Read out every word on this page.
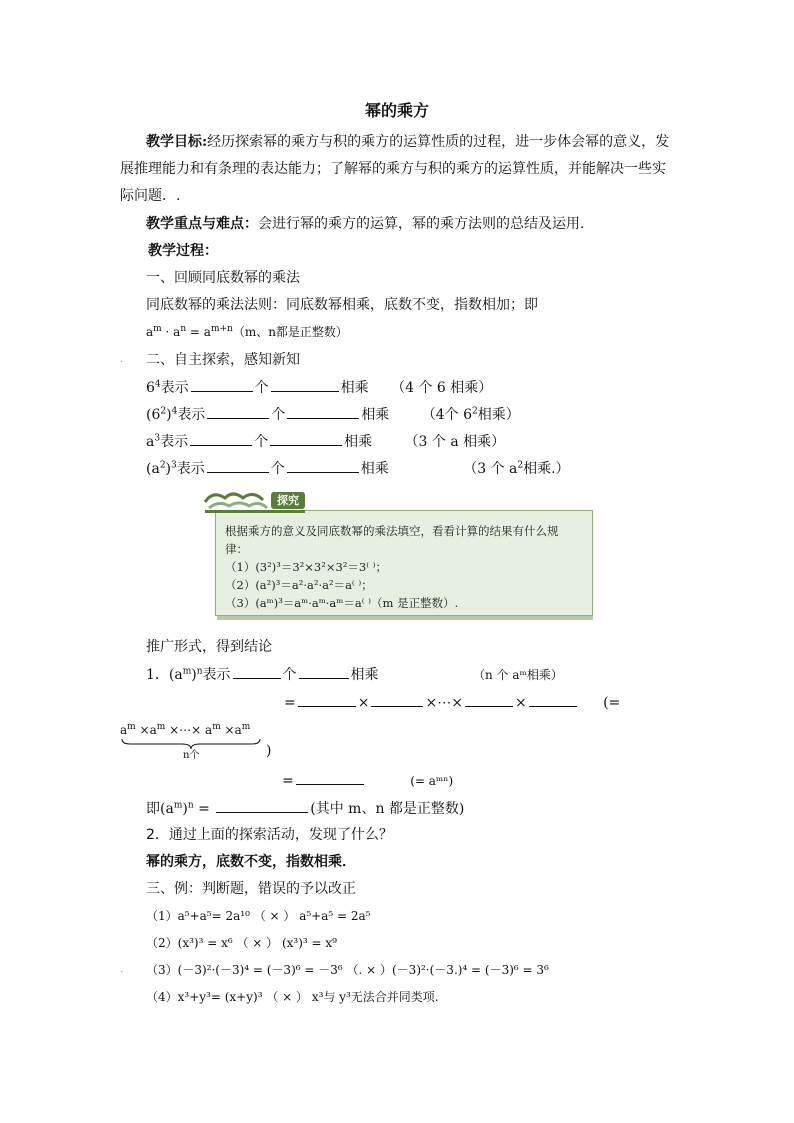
幂的乘方
教学目标:经历探索幂的乘方与积的乘方的运算性质的过程，进一步体会幂的意义，发
展推理能力和有条理的表达能力；了解幂的乘方与积的乘方的运算性质，并能解决一些实
际问题．.
教学重点与难点：会进行幂的乘方的运算，幂的乘方法则的总结及运用．
教学过程：
一、回顾同底数幂的乘法
同底数幂的乘法法则：同底数幂相乘，底数不变，指数相加；即
$a^m \cdot a^n = a^{m+n}(m$、n都是正整数）
. 二、自主探索，感知新知
$6^4$表示	个	相乘 （4 个 6 相乘）
$(6^2)^4$表示	个	相乘 （4个 $6^2$相乘）
$a^3$表示	个	相乘 （3 个 a 相乘）
$(a^2)^3$表示	个	相乘	（3 个 $a^2$相乘.）
探究
根据乘方的意义及同底数幂的乘法填空，看看计算的结果有什么规
律：
（1）(3²)³＝3²×3²×3²＝3⁽ ⁾；
（2）(a²)³＝a²·a²·a²＝a⁽ ⁾；
（3）(aᵐ)³＝aᵐ·aᵐ·aᵐ＝a⁽ ⁾（m 是正整数）.
推广形式，得到结论
1．$(a^m)^n$表示	个	相乘	（n 个 aᵐ相乘）
=	×	×⋯×	×	(=
$a^m \times a^m$ ×⋯× $a^m \times a^m$
n个	)
=	(= aᵐⁿ)
即$(a^m)^n$ =	(其中 m、n 都是正整数)
2．通过上面的探索活动，发现了什么？
幂的乘方，底数不变，指数相乘．
三、例：判断题，错误的予以改正
（1）a⁵+a⁵= 2a¹⁰ （ × ） a⁵+a⁵ = 2a⁵
（2）(x³)³ = x⁶ （ × ） (x³)³ = x⁹
. （3）(－3)²·(－3)⁴ = (－3)⁶ = －3⁶ （. × ）(－3)²·(－3.)⁴ = (－3)⁶ = 3⁶
（4）x³+y³= (x+y)³ （ × ） x³与 y³无法合并同类项.
